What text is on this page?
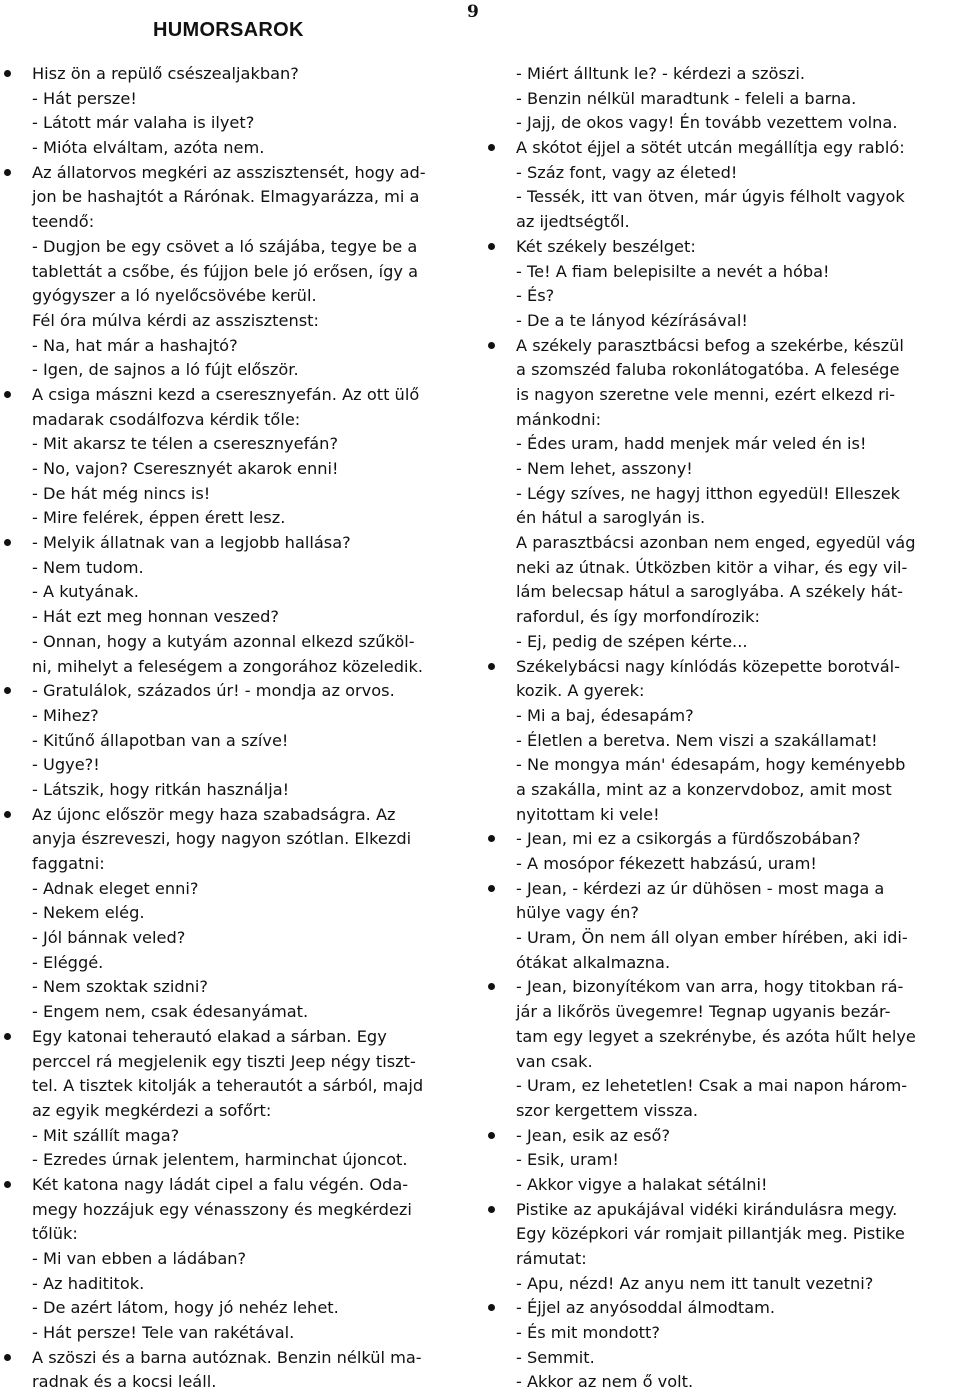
9
HUMORSAROK
Hisz ön a repülő csészealjakban?
- Hát persze!
- Látott már valaha is ilyet?
- Mióta elváltam, azóta nem.
Az állatorvos megkéri az asszisztensét, hogy ad-
jon be hashajtót a Rárónak. Elmagyarázza, mi a
teendő:
- Dugjon be egy csövet a ló szájába, tegye be a
tablettát a csőbe, és fújjon bele jó erősen, így a
gyógyszer a ló nyelőcsövébe kerül.
Fél óra múlva kérdi az asszisztenst:
- Na, hat már a hashajtó?
- Igen, de sajnos a ló fújt először.
A csiga mászni kezd a cseresznyefán. Az ott ülő
madarak csodálfozva kérdik tőle:
- Mit akarsz te télen a cseresznyefán?
- No, vajon? Cseresznyét akarok enni!
- De hát még nincs is!
- Mire felérek, éppen érett lesz.
- Melyik állatnak van a legjobb hallása?
- Nem tudom.
- A kutyának.
- Hát ezt meg honnan veszed?
- Onnan, hogy a kutyám azonnal elkezd szűköl-
ni, mihelyt a feleségem a zongorához közeledik.
- Gratulálok, százados úr! - mondja az orvos.
- Mihez?
- Kitűnő állapotban van a szíve!
- Ugye?!
- Látszik, hogy ritkán használja!
Az újonc először megy haza szabadságra. Az
anyja észreveszi, hogy nagyon szótlan. Elkezdi
faggatni:
- Adnak eleget enni?
- Nekem elég.
- Jól bánnak veled?
- Eléggé.
- Nem szoktak szidni?
- Engem nem, csak édesanyámat.
Egy katonai teherautó elakad a sárban. Egy
perccel rá megjelenik egy tiszti Jeep négy tiszt-
tel. A tisztek kitolják a teherautót a sárból, majd
az egyik megkérdezi a sofőrt:
- Mit szállít maga?
- Ezredes úrnak jelentem, harminchat újoncot.
Két katona nagy ládát cipel a falu végén. Oda-
megy hozzájuk egy vénasszony és megkérdezi
tőlük:
- Mi van ebben a ládában?
- Az hadititok.
- De azért látom, hogy jó nehéz lehet.
- Hát persze! Tele van rakétával.
A szöszi és a barna autóznak. Benzin nélkül ma-
radnak és a kocsi leáll.
- Miért álltunk le? - kérdezi a szöszi.
- Benzin nélkül maradtunk - feleli a barna.
- Jajj, de okos vagy! Én tovább vezettem volna.
A skótot éjjel a sötét utcán megállítja egy rabló:
- Száz font, vagy az életed!
- Tessék, itt van ötven, már úgyis félholt vagyok
az ijedtségtől.
Két székely beszélget:
- Te! A fiam belepisilte a nevét a hóba!
- És?
- De a te lányod kézírásával!
A székely parasztbácsi befog a szekérbe, készül
a szomszéd faluba rokonlátogatóba. A felesége
is nagyon szeretne vele menni, ezért elkezd ri-
mánkodni:
- Édes uram, hadd menjek már veled én is!
- Nem lehet, asszony!
- Légy szíves, ne hagyj itthon egyedül! Elleszek
én hátul a saroglyán is.
A parasztbácsi azonban nem enged, egyedül vág
neki az útnak. Útközben kitör a vihar, és egy vil-
lám belecsap hátul a saroglyába. A székely hát-
rafordul, és így morfondírozik:
- Ej, pedig de szépen kérte...
Székelybácsi nagy kínlódás közepette borotvál-
kozik. A gyerek:
- Mi a baj, édesapám?
- Életlen a beretva. Nem viszi a szakállamat!
- Ne mongya mán' édesapám, hogy keményebb
a szakálla, mint az a konzervdoboz, amit most
nyitottam ki vele!
- Jean, mi ez a csikorgás a fürdőszobában?
- A mosópor fékezett habzású, uram!
- Jean, - kérdezi az úr dühösen - most maga a
hülye vagy én?
- Uram, Ön nem áll olyan ember hírében, aki idi-
ótákat alkalmazna.
- Jean, bizonyítékom van arra, hogy titokban rá-
jár a likőrös üvegemre! Tegnap ugyanis bezár-
tam egy legyet a szekrénybe, és azóta hűlt helye
van csak.
- Uram, ez lehetetlen! Csak a mai napon három-
szor kergettem vissza.
- Jean, esik az eső?
- Esik, uram!
- Akkor vigye a halakat sétálni!
Pistike az apukájával vidéki kirándulásra megy.
Egy középkori vár romjait pillantják meg. Pistike
rámutat:
- Apu, nézd! Az anyu nem itt tanult vezetni?
- Éjjel az anyósoddal álmodtam.
- És mit mondott?
- Semmit.
- Akkor az nem ő volt.
